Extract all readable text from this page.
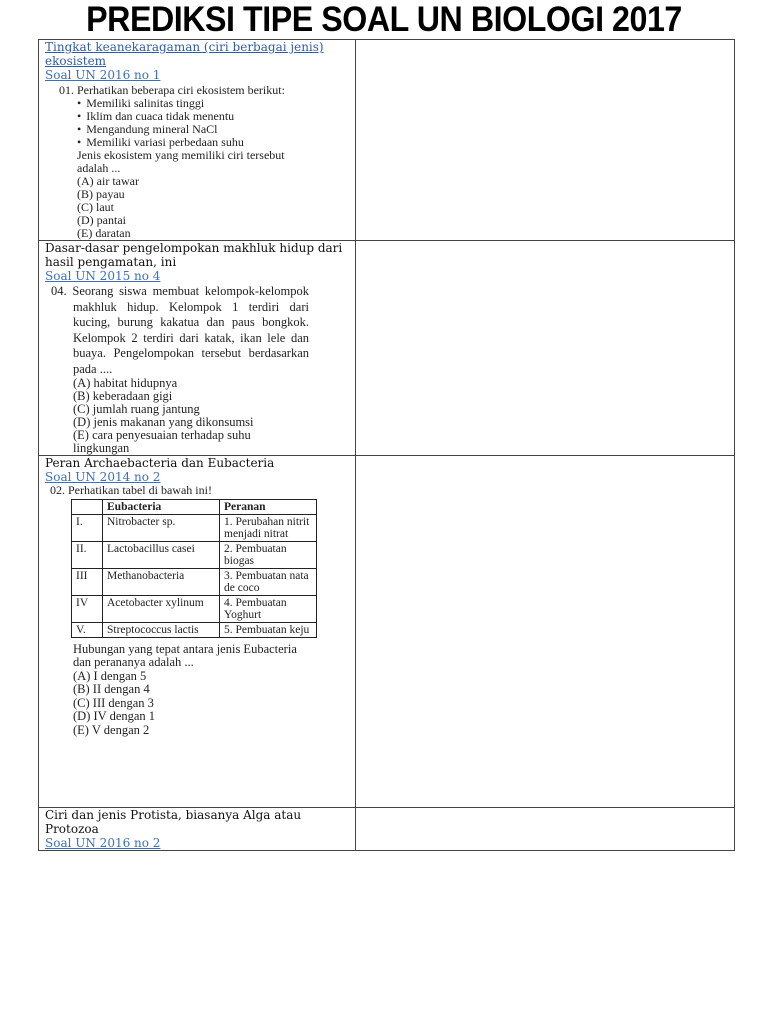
PREDIKSI TIPE SOAL UN BIOLOGI 2017
Tingkat keanekaragaman (ciri berbagai jenis) ekosistem
Soal UN 2016 no 1
01. Perhatikan beberapa ciri ekosistem berikut:
• Memiliki salinitas tinggi
• Iklim dan cuaca tidak menentu
• Mengandung mineral NaCl
• Memiliki variasi perbedaan suhu
Jenis ekosistem yang memiliki ciri tersebut
adalah ...
(A) air tawar
(B) payau
(C) laut
(D) pantai
(E) daratan

Dasar-dasar pengelompokan makhluk hidup dari hasil pengamatan, ini
Soal UN 2015 no 4
04. Seorang siswa membuat kelompok-kelompok makhluk hidup. Kelompok 1 terdiri dari kucing, burung kakatua dan paus bongkok. Kelompok 2 terdiri dari katak, ikan lele dan buaya. Pengelompokan tersebut berdasarkan pada ....
(A) habitat hidupnya
(B) keberadaan gigi
(C) jumlah ruang jantung
(D) jenis makanan yang dikonsumsi
(E) cara penyesuaian terhadap suhu lingkungan

Peran Archaebacteria dan Eubacteria
Soal UN 2014 no 2
02. Perhatikan tabel di bawah ini!
	Eubacteria	Peranan
I.	Nitrobacter sp.	1. Perubahan nitrit menjadi nitrat
II.	Lactobacillus casei	2. Pembuatan biogas
III	Methanobacteria	3. Pembuatan nata de coco
IV	Acetobacter xylinum	4. Pembuatan Yoghurt
V.	Streptococcus lactis	5. Pembuatan keju
Hubungan yang tepat antara jenis Eubacteria
dan perananya adalah ...
(A) I dengan 5
(B) II dengan 4
(C) III dengan 3
(D) IV dengan 1
(E) V dengan 2

Ciri dan jenis Protista, biasanya Alga atau Protozoa
Soal UN 2016 no 2
